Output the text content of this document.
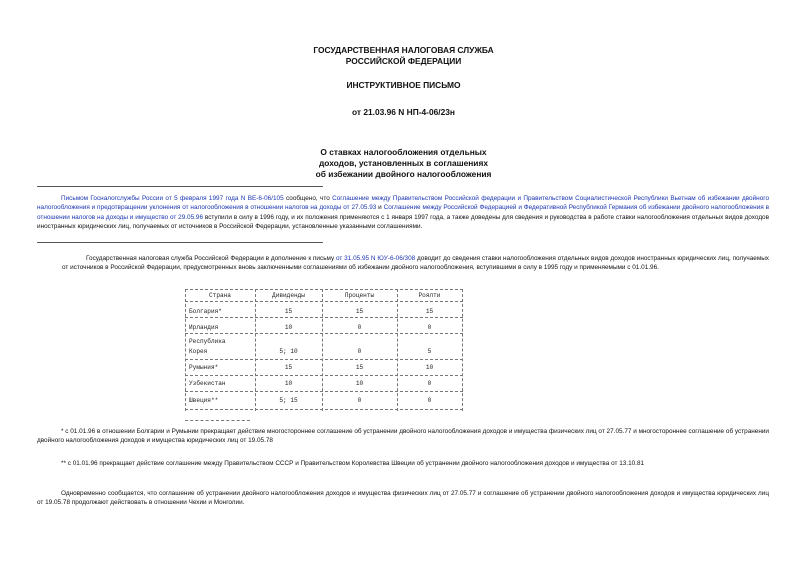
ГОСУДАРСТВЕННАЯ НАЛОГОВАЯ СЛУЖБА
РОССИЙСКОЙ ФЕДЕРАЦИИ
ИНСТРУКТИВНОЕ ПИСЬМО
от 21.03.96 N НП-4-06/23н
О ставках налогообложения отдельных
доходов, установленных в соглашениях
об избежании двойного налогообложения
Письмом Госналогслужбы России от 5 февраля 1997 года N ВЕ-6-06/105 сообщено, что Соглашение между Правительством Российской федерации и Правительством Социалистической Республики Вьетнам об избежании двойного налогообложения и предотвращении уклонения от налогообложения в отношении налогов на доходы от 27.05.93 и Соглашение между Российской Федерацией и Федеративной Республикой Германия об избежании двойного налогообложения в отношении налогов на доходы и имущество от 29.05.96 вступили в силу в 1996 году, и их положения применяются с 1 января 1997 года, а также доведены для сведения и руководства в работе ставки налогообложения отдельных видов доходов иностранных юридических лиц, получаемых от источников в Российской Федерации, установленные указанными соглашениями.
Государственная налоговая служба Российской Федерации в дополнение к письму от 31.05.95 N ЮУ-6-06/308 доводит до сведения ставки налогообложения отдельных видов доходов иностранных юридических лиц, получаемых от источников в Российской Федерации, предусмотренных вновь заключенными соглашениями об избежании двойного налогообложения, вступившими в силу в 1995 году и применяемыми с 01.01.96.
Страна	Дивиденды	Проценты	Роялти
Болгария*	15	15	15
Ирландия	10	0	0
Республика
Корея	5; 10	0	5
Румыния*	15	15	10
Узбекистан	10	10	0
Швеция**	5; 15	0	0
* с 01.01.96 в отношении Болгарии и Румынии прекращает действие многостороннее соглашение об устранении двойного налогообложения доходов и имущества физических лиц от 27.05.77 и многостороннее соглашение об устранении двойного налогообложения доходов и имущества юридических лиц от 19.05.78
** с 01.01.96 прекращает действие соглашение между Правительством СССР и Правительством Королевства Швеции об устранении двойного налогообложения доходов и имущества от 13.10.81
Одновременно сообщается, что соглашение об устранении двойного налогообложения доходов и имущества физических лиц от 27.05.77 и соглашение об устранении двойного налогообложения доходов и имущества юридических лиц от 19.05.78 продолжают действовать в отношении Чехии и Монголии.
